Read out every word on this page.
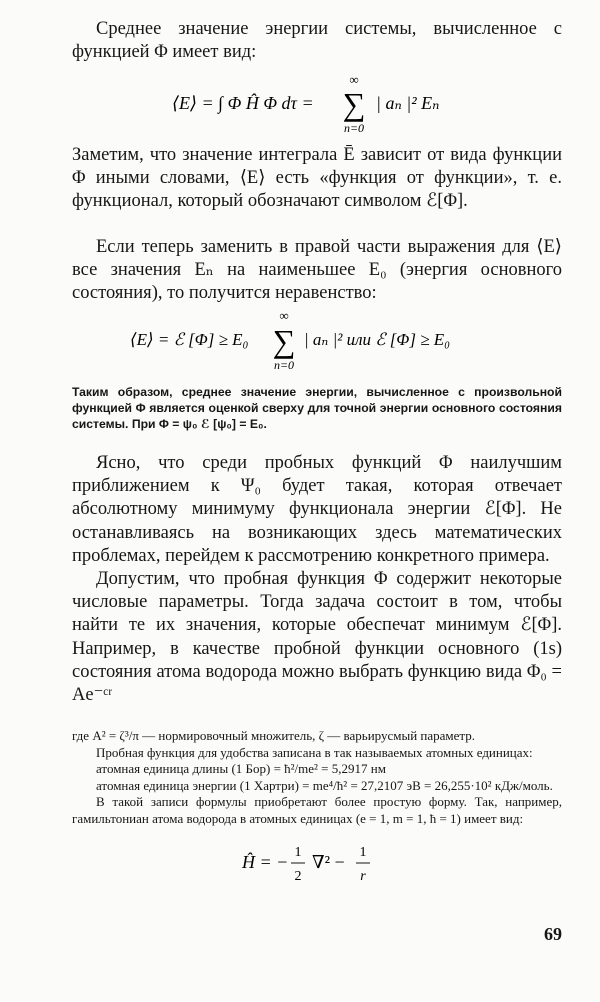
Среднее значение энергии системы, вычисленное с функцией Φ имеет вид:

⟨E⟩ = ∫ Φ Ĥ Φ dτ =
∞
∑
n=0
| aₙ |² Eₙ

Заметим, что значение интеграла Ē зависит от вида функции Φ иными словами, ⟨E⟩ есть «функция от функции», т. е. функционал, который обозначают символом ℰ[Φ].

Если теперь заменить в правой части выражения для ⟨E⟩ все значения Eₙ на наименьшее E₀ (энергия основного состояния), то получится неравенство:

⟨E⟩ = ℰ [Φ] ≥ E₀
∞
∑
n=0
| aₙ |² или ℰ [Φ] ≥ E₀

Таким образом, среднее значение энергии, вычисленное с произвольной функцией Φ является оценкой сверху для точной энергии основного состояния системы. При Φ = ψ₀ ℰ [ψ₀] = E₀.

Ясно, что среди пробных функций Φ наилучшим приближением к Ψ₀ будет такая, которая отвечает абсолютному минимуму функционала энергии ℰ[Φ]. Не останавливаясь на возникающих здесь математических проблемах, перейдем к рассмотрению конкретного примера.

Допустим, что пробная функция Φ содержит некоторые числовые параметры. Тогда задача состоит в том, чтобы найти те их значения, которые обеспечат минимум ℰ[Φ]. Например, в качестве пробной функции основного (1s) состояния атома водорода можно выбрать функцию вида Φ₀ = Ae⁻ᶜʳ

где A² = ζ³/π — нормировочный множитель, ζ — варьирусмый параметр.

Пробная функция для удобства записана в так называемых атомных единицах:

атомная единица длины (1 Бор) = ħ²/me² = 5,2917 нм

атомная единица энергии (1 Хартри) = me⁴/ħ² = 27,2107 эВ = 26,255·10² кДж/моль.

В такой записи формулы приобретают более простую форму. Так, например, гамильтониан атома водорода в атомных единицах (e = 1, m = 1, ħ = 1) имеет вид:

Ĥ = − 1
2
∇² − 1
r
69
